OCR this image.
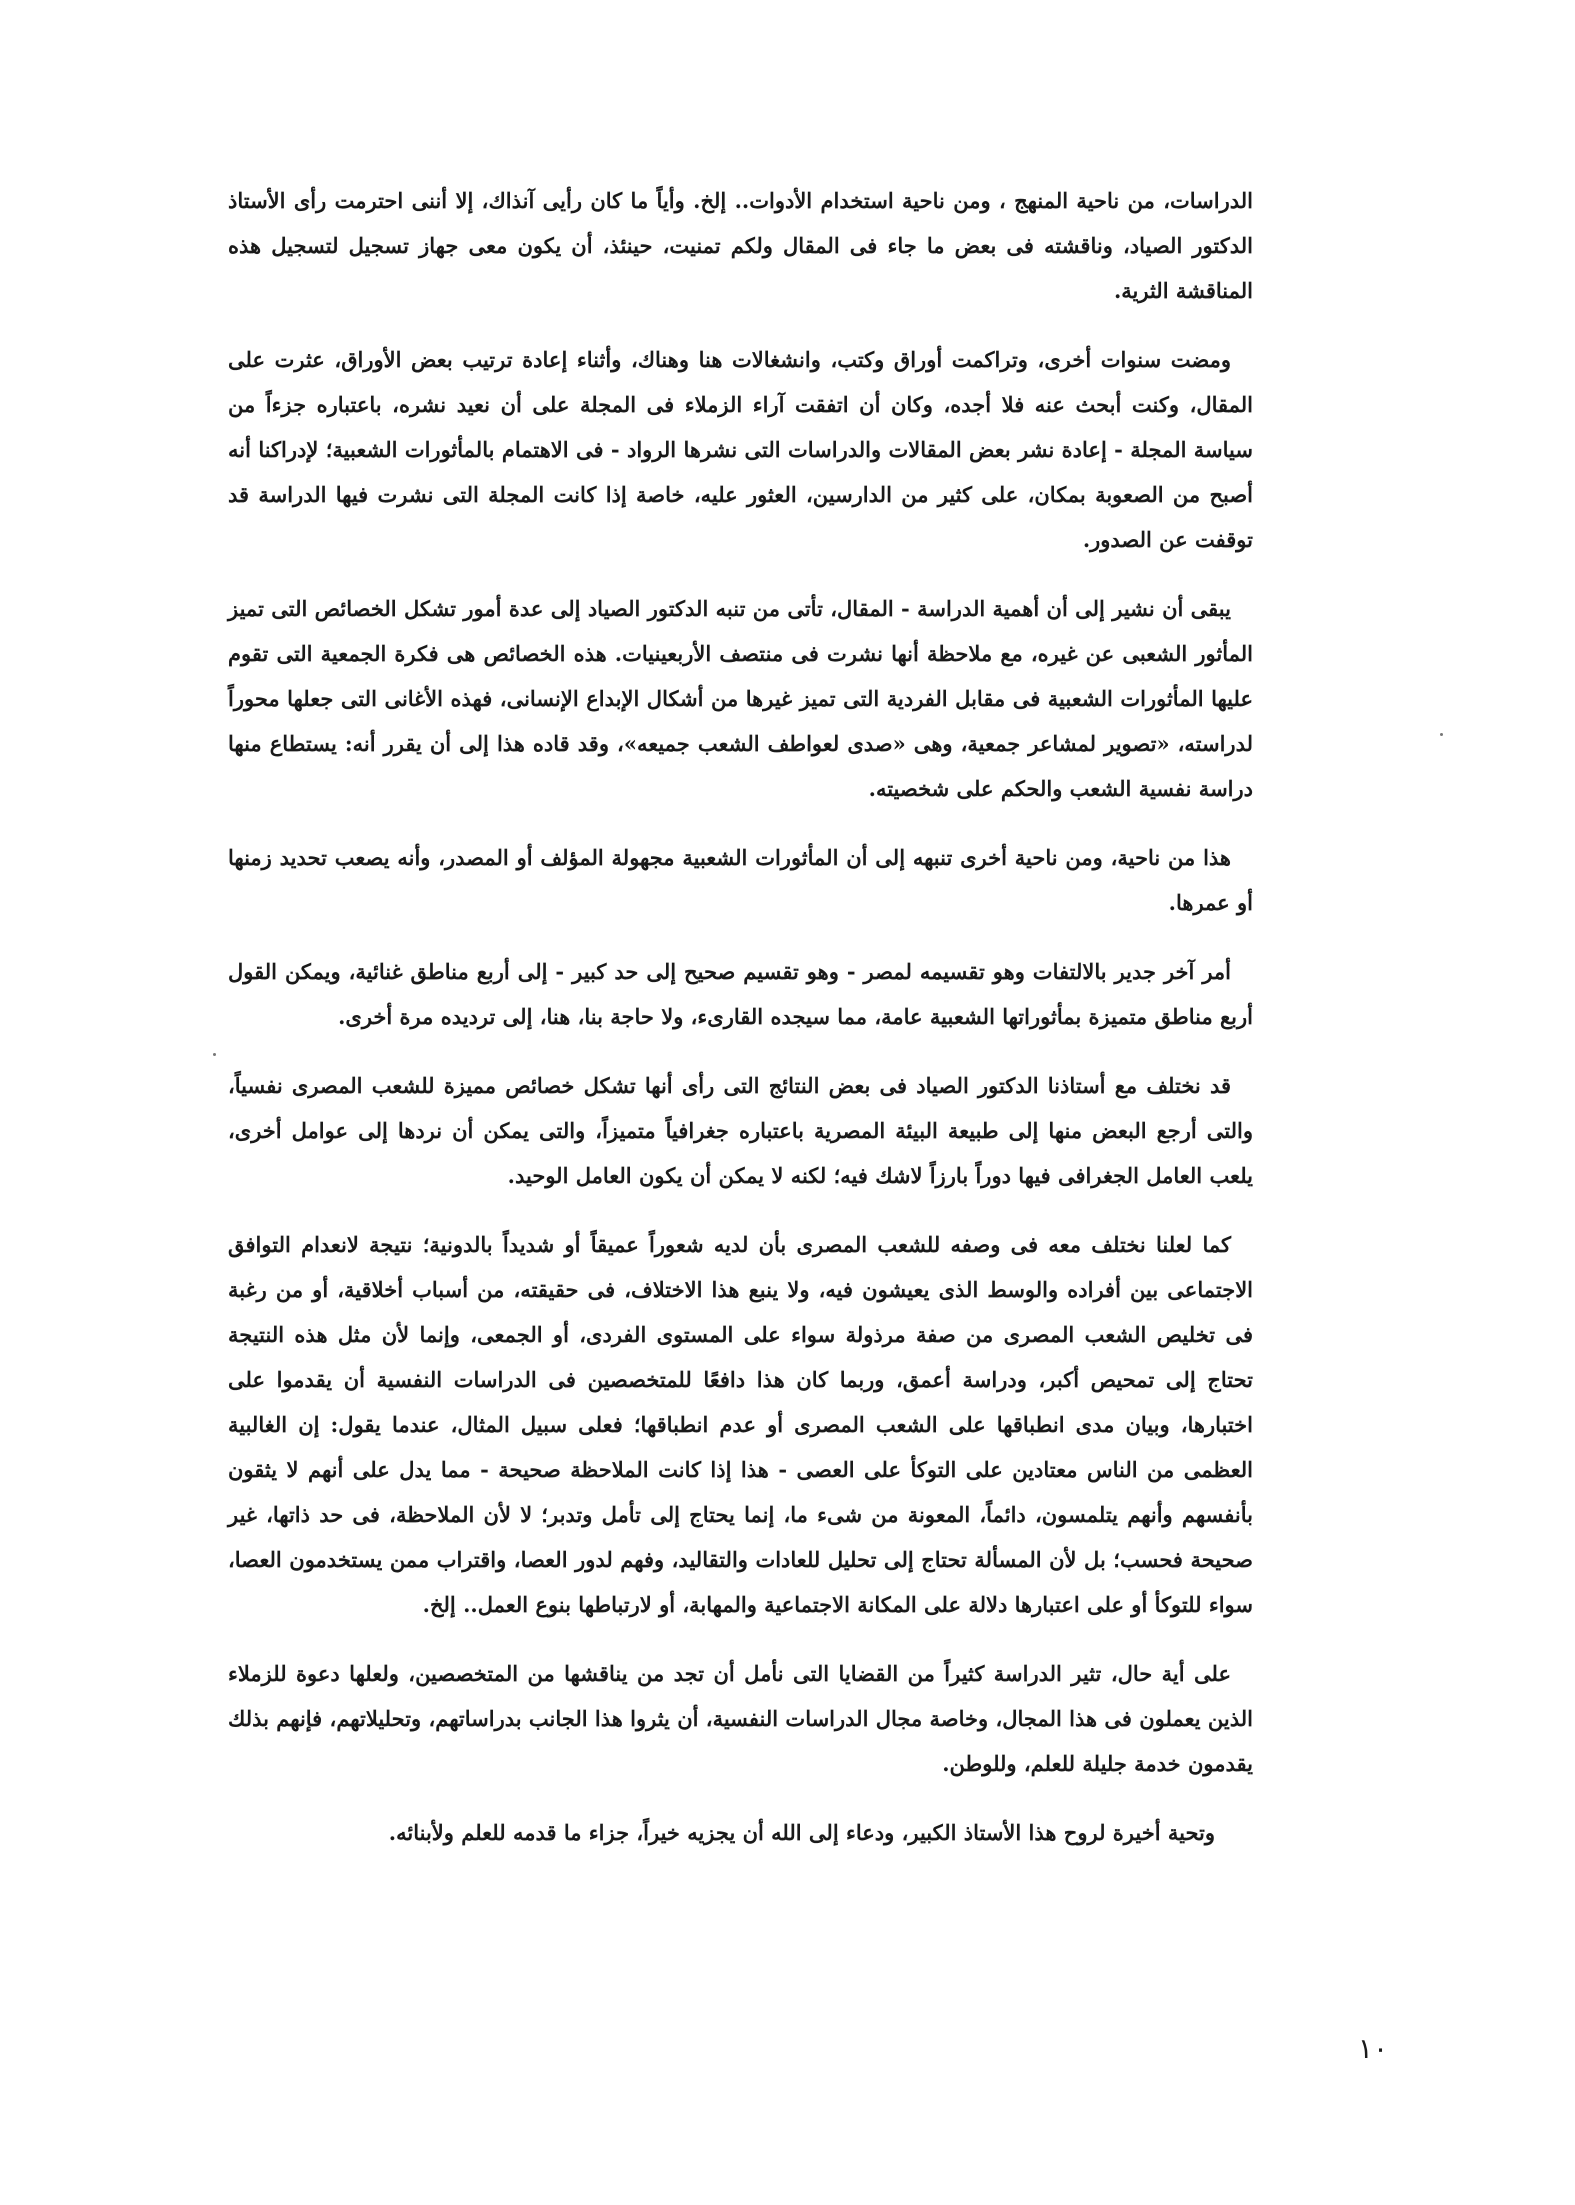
الدراسات، من ناحية المنهج ، ومن ناحية استخدام الأدوات.. إلخ. وأياً ما كان رأيى آنذاك، إلا أننى احترمت رأى الأستاذ الدكتور الصياد، وناقشته فى بعض ما جاء فى المقال ولكم تمنيت، حينئذ، أن يكون معى جهاز تسجيل لتسجيل هذه المناقشة الثرية.

ومضت سنوات أخرى، وتراكمت أوراق وكتب، وانشغالات هنا وهناك، وأثناء إعادة ترتيب بعض الأوراق، عثرت على المقال، وكنت أبحث عنه فلا أجده، وكان أن اتفقت آراء الزملاء فى المجلة على أن نعيد نشره، باعتباره جزءاً من سياسة المجلة - إعادة نشر بعض المقالات والدراسات التى نشرها الرواد - فى الاهتمام بالمأثورات الشعبية؛ لإدراكنا أنه أصبح من الصعوبة بمكان، على كثير من الدارسين، العثور عليه، خاصة إذا كانت المجلة التى نشرت فيها الدراسة قد توقفت عن الصدور.

يبقى أن نشير إلى أن أهمية الدراسة - المقال، تأتى من تنبه الدكتور الصياد إلى عدة أمور تشكل الخصائص التى تميز المأثور الشعبى عن غيره، مع ملاحظة أنها نشرت فى منتصف الأربعينيات. هذه الخصائص هى فكرة الجمعية التى تقوم عليها المأثورات الشعبية فى مقابل الفردية التى تميز غيرها من أشكال الإبداع الإنسانى، فهذه الأغانى التى جعلها محوراً لدراسته، «تصوير لمشاعر جمعية، وهى «صدى لعواطف الشعب جميعه»، وقد قاده هذا إلى أن يقرر أنه: يستطاع منها دراسة نفسية الشعب والحكم على شخصيته.

هذا من ناحية، ومن ناحية أخرى تنبهه إلى أن المأثورات الشعبية مجهولة المؤلف أو المصدر، وأنه يصعب تحديد زمنها أو عمرها.

أمر آخر جدير بالالتفات وهو تقسيمه لمصر - وهو تقسيم صحيح إلى حد كبير - إلى أربع مناطق غنائية، ويمكن القول أربع مناطق متميزة بمأثوراتها الشعبية عامة، مما سيجده القارىء، ولا حاجة بنا، هنا، إلى ترديده مرة أخرى.

قد نختلف مع أستاذنا الدكتور الصياد فى بعض النتائج التى رأى أنها تشكل خصائص مميزة للشعب المصرى نفسياً، والتى أرجع البعض منها إلى طبيعة البيئة المصرية باعتباره جغرافياً متميزاً، والتى يمكن أن نردها إلى عوامل أخرى، يلعب العامل الجغرافى فيها دوراً بارزاً لاشك فيه؛ لكنه لا يمكن أن يكون العامل الوحيد.

كما لعلنا نختلف معه فى وصفه للشعب المصرى بأن لديه شعوراً عميقاً أو شديداً بالدونية؛ نتيجة لانعدام التوافق الاجتماعى بين أفراده والوسط الذى يعيشون فيه، ولا ينبع هذا الاختلاف، فى حقيقته، من أسباب أخلاقية، أو من رغبة فى تخليص الشعب المصرى من صفة مرذولة سواء على المستوى الفردى، أو الجمعى، وإنما لأن مثل هذه النتيجة تحتاج إلى تمحيص أكبر، ودراسة أعمق، وربما كان هذا دافعًا للمتخصصين فى الدراسات النفسية أن يقدموا على اختبارها، وبيان مدى انطباقها على الشعب المصرى أو عدم انطباقها؛ فعلى سبيل المثال، عندما يقول: إن الغالبية العظمى من الناس معتادين على التوكأ على العصى - هذا إذا كانت الملاحظة صحيحة - مما يدل على أنهم لا يثقون بأنفسهم وأنهم يتلمسون، دائماً، المعونة من شىء ما، إنما يحتاج إلى تأمل وتدبر؛ لا لأن الملاحظة، فى حد ذاتها، غير صحيحة فحسب؛ بل لأن المسألة تحتاج إلى تحليل للعادات والتقاليد، وفهم لدور العصا، واقتراب ممن يستخدمون العصا، سواء للتوكأ أو على اعتبارها دلالة على المكانة الاجتماعية والمهابة، أو لارتباطها بنوع العمل.. إلخ.

على أية حال، تثير الدراسة كثيراً من القضايا التى نأمل أن تجد من يناقشها من المتخصصين، ولعلها دعوة للزملاء الذين يعملون فى هذا المجال، وخاصة مجال الدراسات النفسية، أن يثروا هذا الجانب بدراساتهم، وتحليلاتهم، فإنهم بذلك يقدمون خدمة جليلة للعلم، وللوطن.

وتحية أخيرة لروح هذا الأستاذ الكبير، ودعاء إلى الله أن يجزيه خيراً، جزاء ما قدمه للعلم ولأبنائه.

١٠
